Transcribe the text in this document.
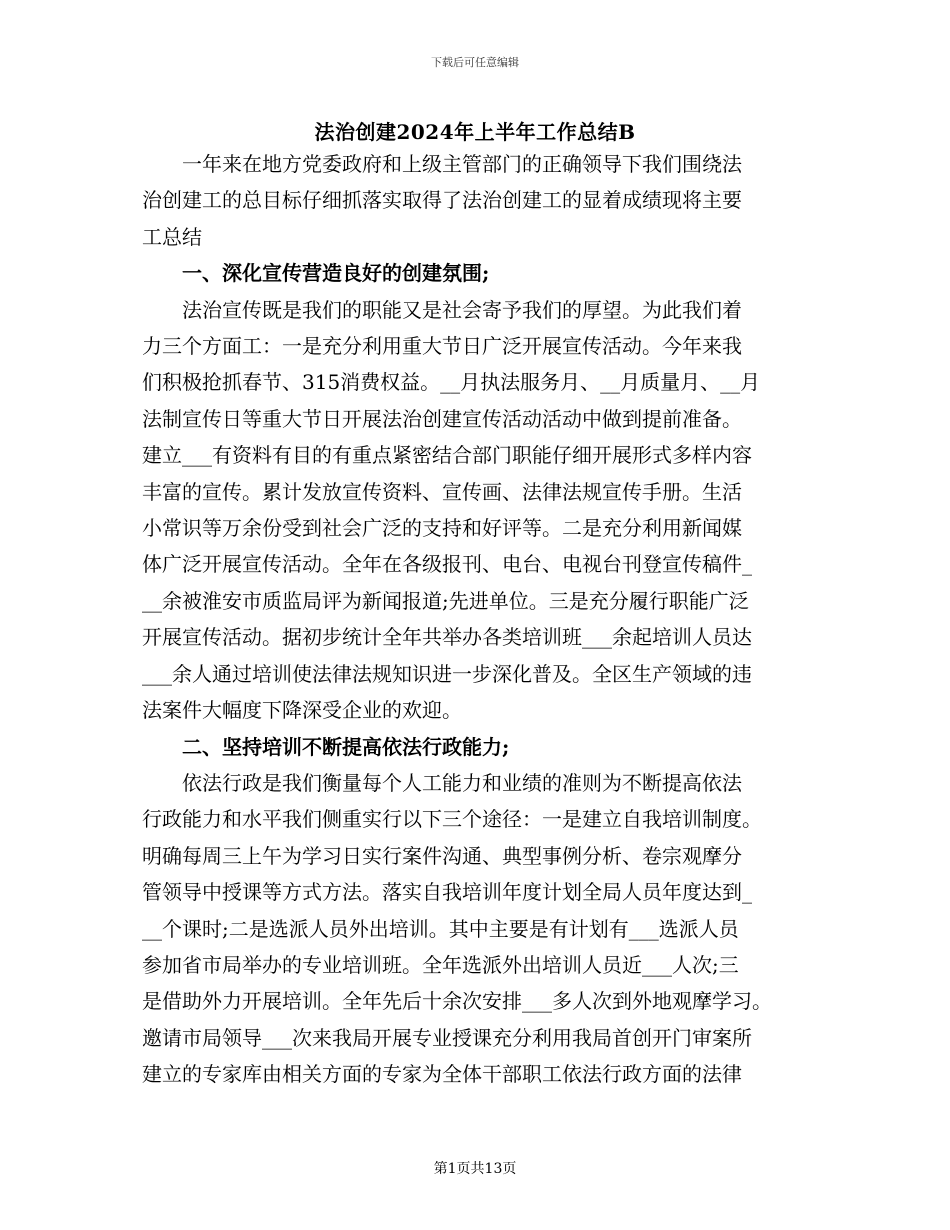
下载后可任意编辑
法治创建2024年上半年工作总结B
　　一年来在地方党委政府和上级主管部门的正确领导下我们围绕法
治创建工的总目标仔细抓落实取得了法治创建工的显着成绩现将主要
工总结
　　一、深化宣传营造良好的创建氛围;
　　法治宣传既是我们的职能又是社会寄予我们的厚望。为此我们着
力三个方面工：一是充分利用重大节日广泛开展宣传活动。今年来我
们积极抢抓春节、315消费权益。__月执法服务月、__月质量月、__月
法制宣传日等重大节日开展法治创建宣传活动活动中做到提前准备。
建立___有资料有目的有重点紧密结合部门职能仔细开展形式多样内容
丰富的宣传。累计发放宣传资料、宣传画、法律法规宣传手册。生活
小常识等万余份受到社会广泛的支持和好评等。二是充分利用新闻媒
体广泛开展宣传活动。全年在各级报刊、电台、电视台刊登宣传稿件_
__余被淮安市质监局评为新闻报道;先进单位。三是充分履行职能广泛
开展宣传活动。据初步统计全年共举办各类培训班___余起培训人员达
___余人通过培训使法律法规知识进一步深化普及。全区生产领域的违
法案件大幅度下降深受企业的欢迎。
　　二、坚持培训不断提高依法行政能力;
　　依法行政是我们衡量每个人工能力和业绩的准则为不断提高依法
行政能力和水平我们侧重实行以下三个途径：一是建立自我培训制度。
明确每周三上午为学习日实行案件沟通、典型事例分析、卷宗观摩分
管领导中授课等方式方法。落实自我培训年度计划全局人员年度达到_
__个课时;二是选派人员外出培训。其中主要是有计划有___选派人员
参加省市局举办的专业培训班。全年选派外出培训人员近___人次;三
是借助外力开展培训。全年先后十余次安排___多人次到外地观摩学习。
邀请市局领导___次来我局开展专业授课充分利用我局首创开门审案所
建立的专家库由相关方面的专家为全体干部职工依法行政方面的法律
第1页共13页
